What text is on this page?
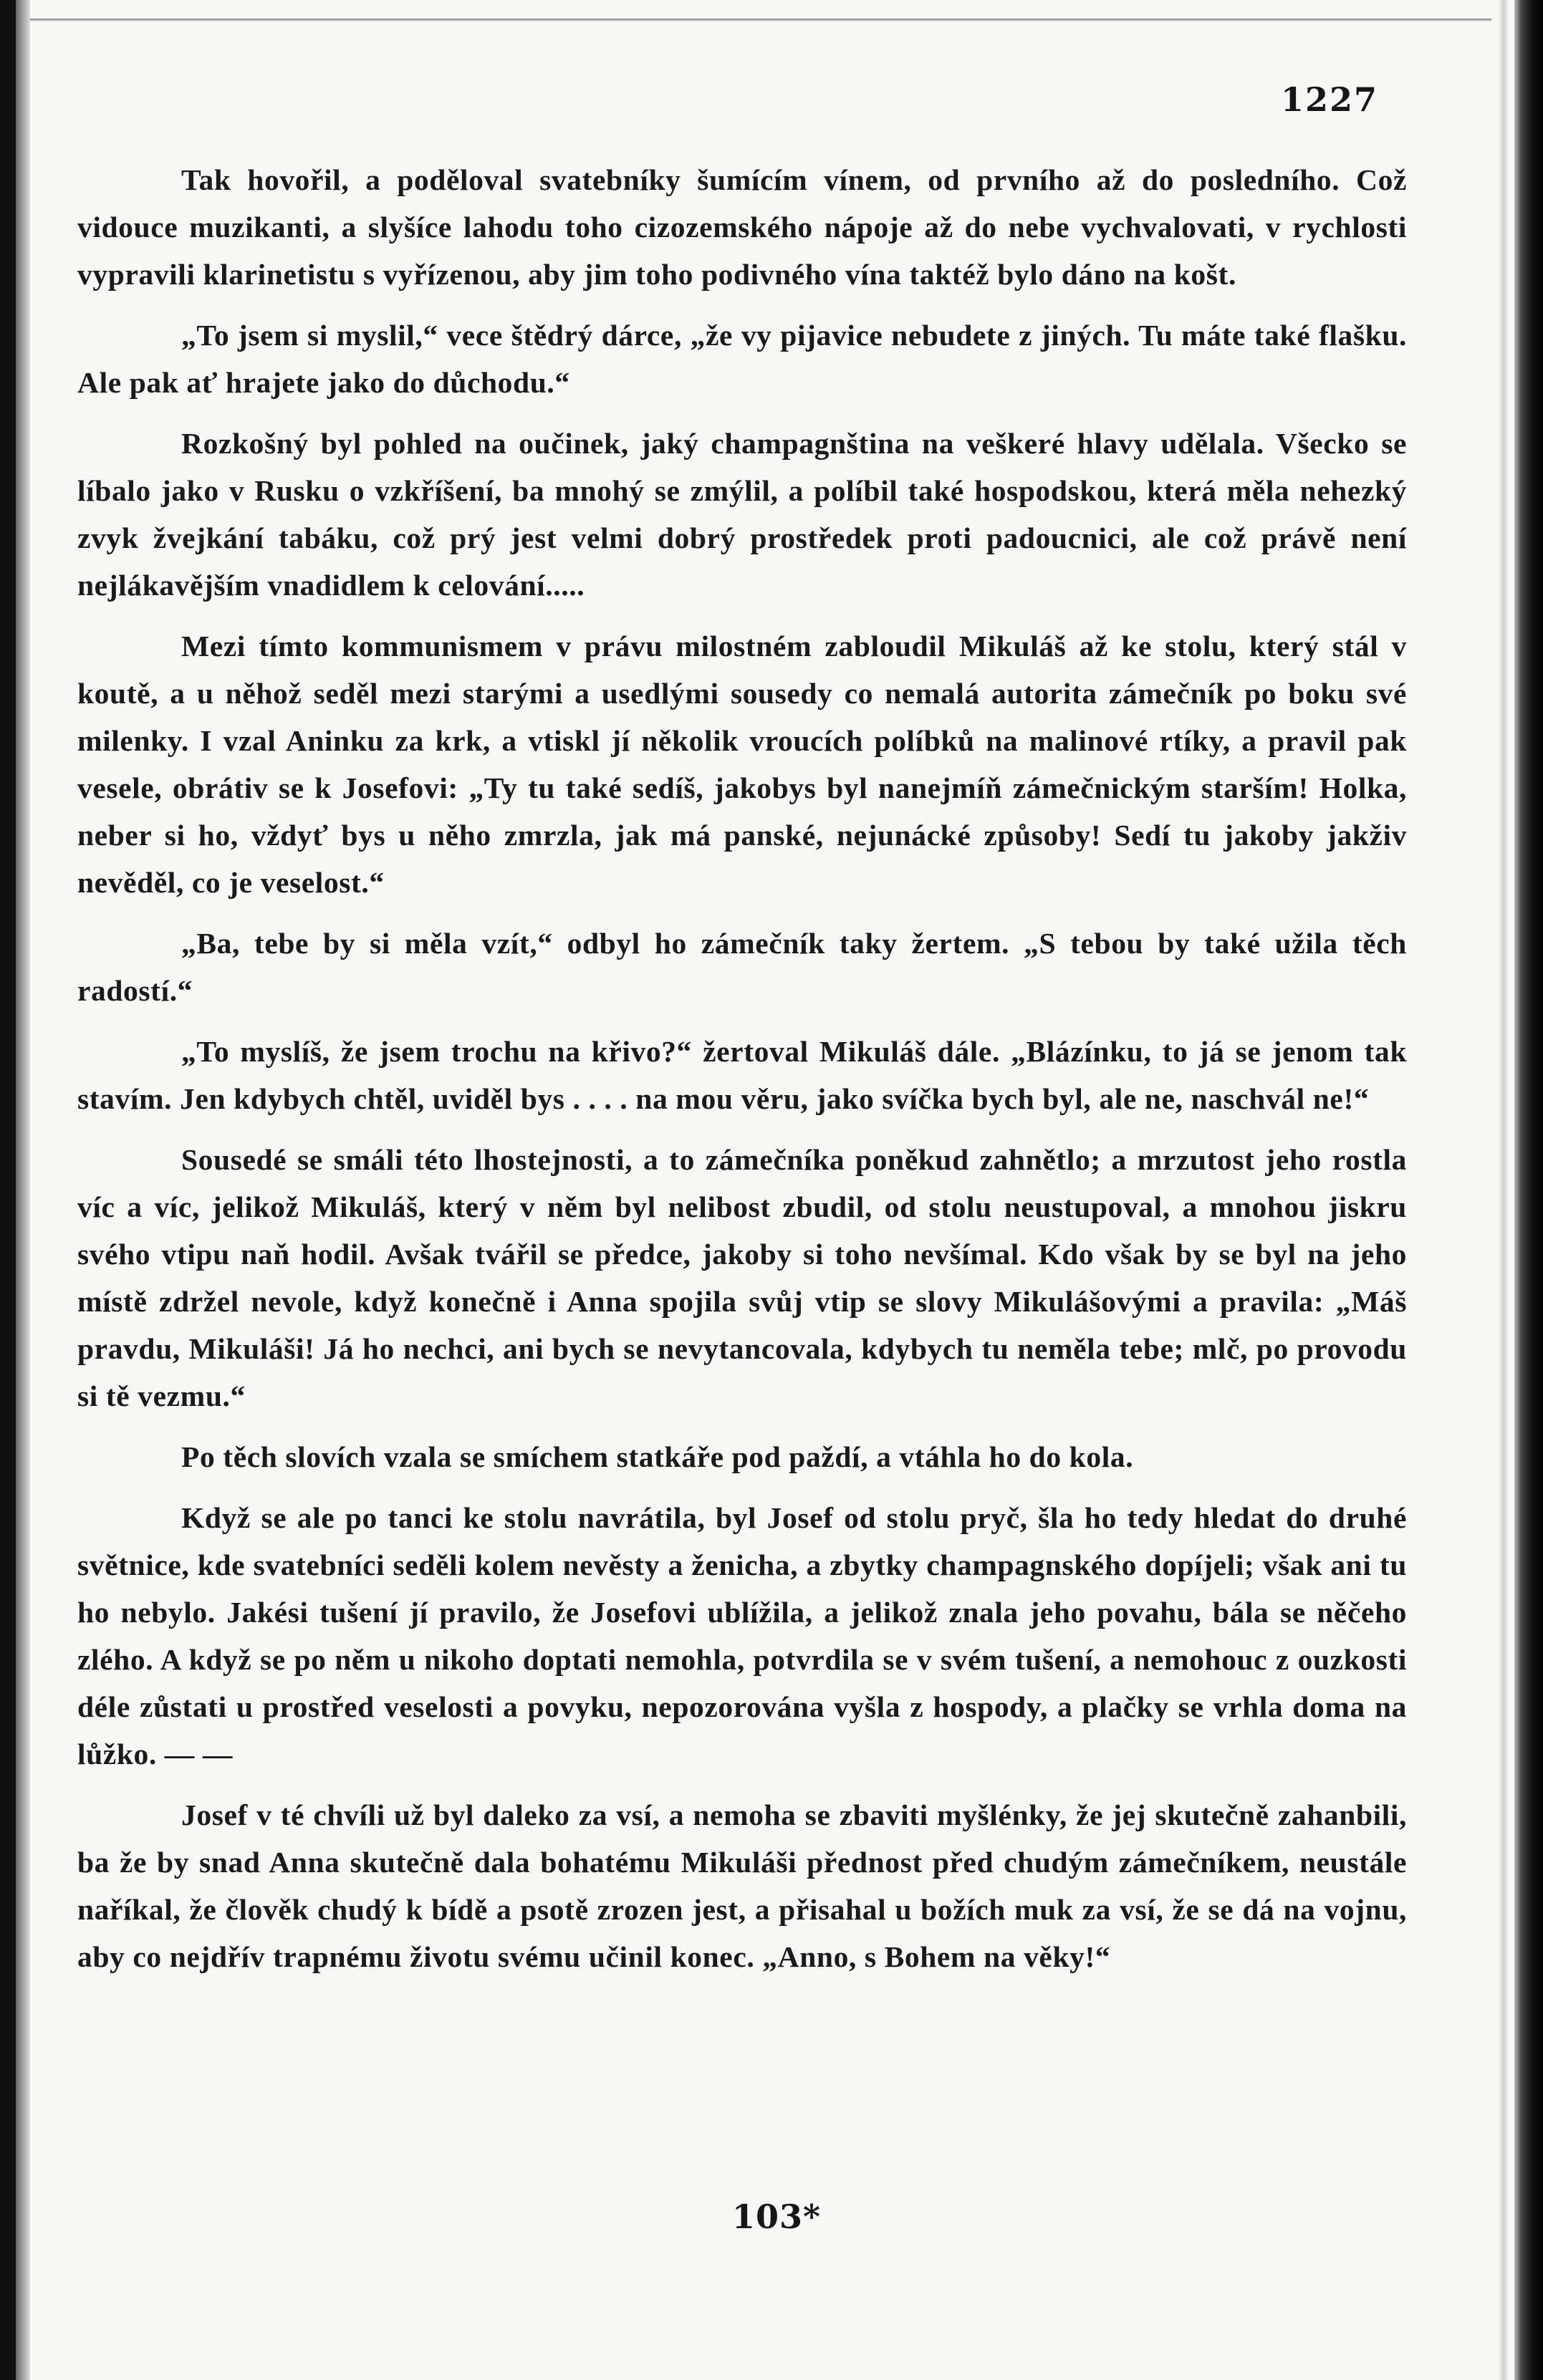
1227

Tak hovořil, a poděloval svatebníky šumícím vínem, od prvního až do posledního. Což vidouce muzikanti, a slyšíce lahodu toho cizozemského nápoje až do nebe vychvalovati, v rychlosti vypravili klarinetistu s vyřízenou, aby jim toho podivného vína taktéž bylo dáno na košt.

„To jsem si myslil,“ vece štědrý dárce, „že vy pijavice nebudete z jiných. Tu máte také flašku. Ale pak ať hrajete jako do důchodu.“

Rozkošný byl pohled na oučinek, jaký champagnština na veškeré hlavy udělala. Všecko se líbalo jako v Rusku o vzkříšení, ba mnohý se zmýlil, a políbil také hospodskou, která měla nehezký zvyk žvejkání tabáku, což prý jest velmi dobrý prostředek proti padoucnici, ale což právě není nejlákavějším vnadidlem k celování.....

Mezi tímto kommunismem v právu milostném zabloudil Mikuláš až ke stolu, který stál v koutě, a u něhož seděl mezi starými a usedlými sousedy co nemalá autorita zámečník po boku své milenky. I vzal Aninku za krk, a vtiskl jí několik vroucích políbků na malinové rtíky, a pravil pak vesele, obrátiv se k Josefovi: „Ty tu také sedíš, jakobys byl nanejmíň zámečnickým starším! Holka, neber si ho, vždyť bys u něho zmrzla, jak má panské, nejunácké způsoby! Sedí tu jakoby jakživ nevěděl, co je veselost.“

„Ba, tebe by si měla vzít,“ odbyl ho zámečník taky žertem. „S tebou by také užila těch radostí.“

„To myslíš, že jsem trochu na křivo?“ žertoval Mikuláš dále. „Blázínku, to já se jenom tak stavím. Jen kdybych chtěl, uviděl bys . . . . na mou věru, jako svíčka bych byl, ale ne, naschvál ne!“

Sousedé se smáli této lhostejnosti, a to zámečníka poněkud zahnětlo; a mrzutost jeho rostla víc a víc, jelikož Mikuláš, který v něm byl nelibost zbudil, od stolu neustupoval, a mnohou jiskru svého vtipu naň hodil. Avšak tvářil se předce, jakoby si toho nevšímal. Kdo však by se byl na jeho místě zdržel nevole, když konečně i Anna spojila svůj vtip se slovy Mikulášovými a pravila: „Máš pravdu, Mikuláši! Já ho nechci, ani bych se nevytancovala, kdybych tu neměla tebe; mlč, po provodu si tě vezmu.“

Po těch slovích vzala se smíchem statkáře pod paždí, a vtáhla ho do kola.

Když se ale po tanci ke stolu navrátila, byl Josef od stolu pryč, šla ho tedy hledat do druhé světnice, kde svatebníci seděli kolem nevěsty a ženicha, a zbytky champagnského dopíjeli; však ani tu ho nebylo. Jakési tušení jí pravilo, že Josefovi ublížila, a jelikož znala jeho povahu, bála se něčeho zlého. A když se po něm u nikoho doptati nemohla, potvrdila se v svém tušení, a nemohouc z ouzkosti déle zůstati u prostřed veselosti a povyku, nepozorována vyšla z hospody, a plačky se vrhla doma na lůžko. — —

Josef v té chvíli už byl daleko za vsí, a nemoha se zbaviti myšlénky, že jej skutečně zahanbili, ba že by snad Anna skutečně dala bohatému Mikuláši přednost před chudým zámečníkem, neustále naříkal, že člověk chudý k bídě a psotě zrozen jest, a přisahal u božích muk za vsí, že se dá na vojnu, aby co nejdřív trapnému životu svému učinil konec. „Anno, s Bohem na věky!“

103*
